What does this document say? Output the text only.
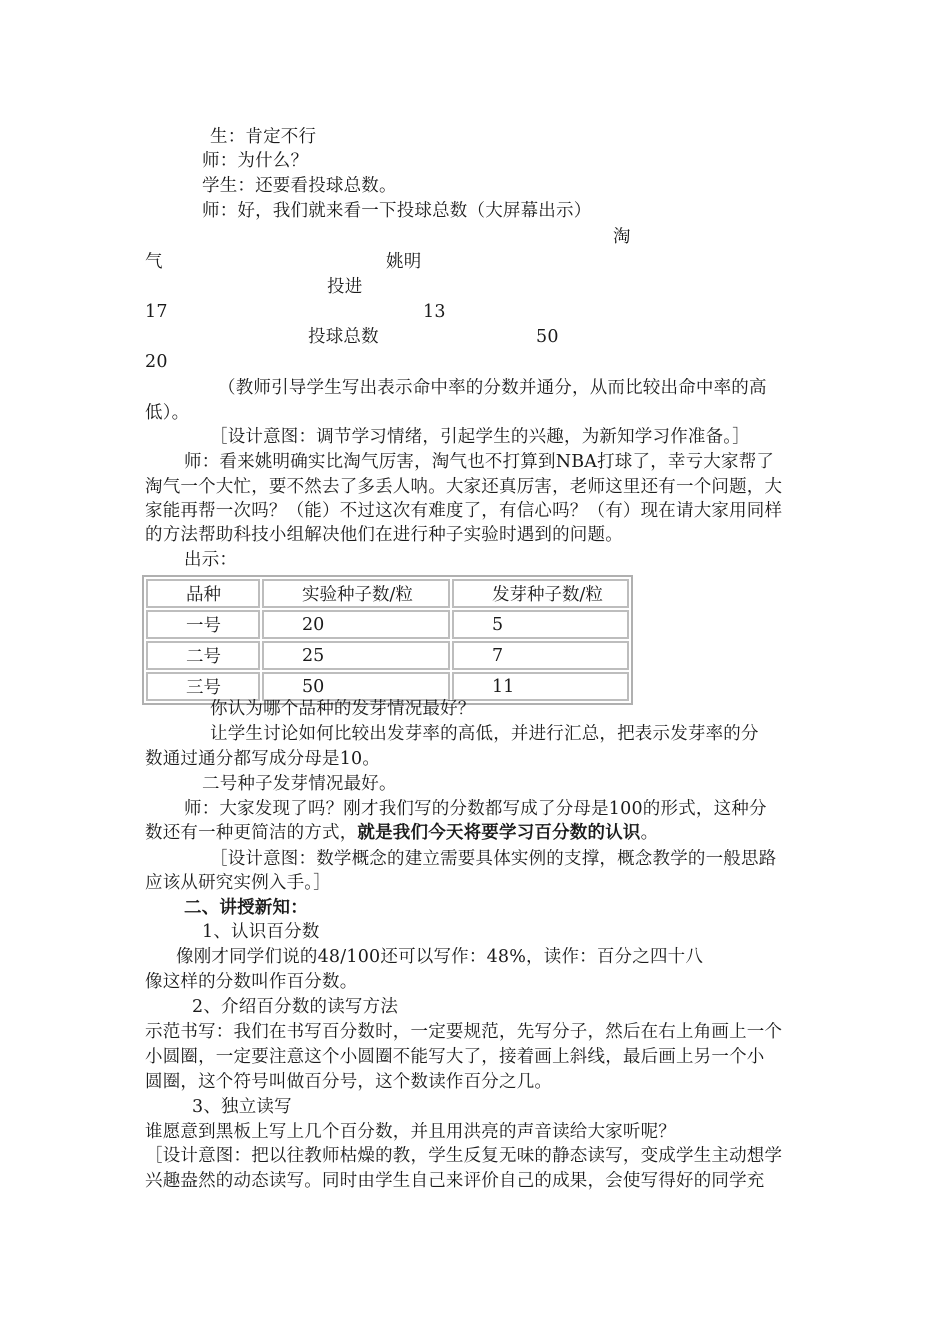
生：肯定不行
师：为什么？
学生：还要看投球总数。
师：好，我们就来看一下投球总数（大屏幕出示）
淘
气	姚明
投进
17	13
投球总数	50
20
（教师引导学生写出表示命中率的分数并通分，从而比较出命中率的高
低）。
［设计意图：调节学习情绪，引起学生的兴趣，为新知学习作准备。］
师：看来姚明确实比淘气厉害，淘气也不打算到NBA打球了，幸亏大家帮了
淘气一个大忙，要不然去了多丢人呐。大家还真厉害，老师这里还有一个问题，大
家能再帮一次吗？（能）不过这次有难度了，有信心吗？（有）现在请大家用同样
的方法帮助科技小组解决他们在进行种子实验时遇到的问题。
出示：
品种	实验种子数/粒	发芽种子数/粒
一号	20	5
二号	25	7
三号	50	11
你认为哪个品种的发芽情况最好？
让学生讨论如何比较出发芽率的高低，并进行汇总，把表示发芽率的分
数通过通分都写成分母是10。
二号种子发芽情况最好。
师：大家发现了吗？刚才我们写的分数都写成了分母是100的形式，这种分
数还有一种更简洁的方式，就是我们今天将要学习百分数的认识。
［设计意图：数学概念的建立需要具体实例的支撑，概念教学的一般思路
应该从研究实例入手。］
二、讲授新知：
1、认识百分数
像刚才同学们说的48/100还可以写作：48%，读作：百分之四十八
像这样的分数叫作百分数。
2、介绍百分数的读写方法
示范书写：我们在书写百分数时，一定要规范，先写分子，然后在右上角画上一个
小圆圈，一定要注意这个小圆圈不能写大了，接着画上斜线，最后画上另一个小
圆圈，这个符号叫做百分号，这个数读作百分之几。
3、独立读写
谁愿意到黑板上写上几个百分数，并且用洪亮的声音读给大家听呢？
［设计意图：把以往教师枯燥的教，学生反复无味的静态读写，变成学生主动想学
兴趣盎然的动态读写。同时由学生自己来评价自己的成果，会使写得好的同学充
